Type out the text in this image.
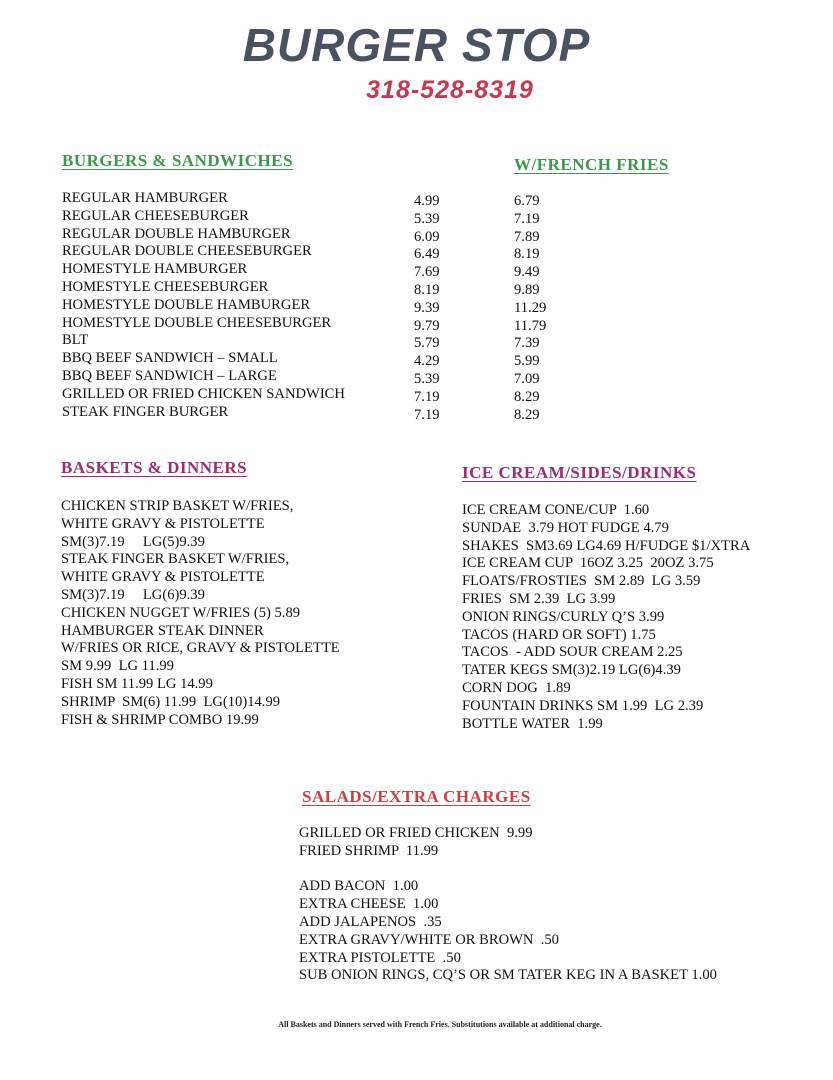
BURGER STOP
318-528-8319
BURGERS & SANDWICHES	W/FRENCH FRIES
REGULAR HAMBURGER
REGULAR CHEESEBURGER
REGULAR DOUBLE HAMBURGER
REGULAR DOUBLE CHEESEBURGER
HOMESTYLE HAMBURGER
HOMESTYLE CHEESEBURGER
HOMESTYLE DOUBLE HAMBURGER
HOMESTYLE DOUBLE CHEESEBURGER
BLT
BBQ BEEF SANDWICH – SMALL
BBQ BEEF SANDWICH – LARGE
GRILLED OR FRIED CHICKEN SANDWICH
STEAK FINGER BURGER
4.99
5.39
6.09
6.49
7.69
8.19
9.39
9.79
5.79
4.29
5.39
7.19
7.19
6.79
7.19
7.89
8.19
9.49
9.89
11.29
11.79
7.39
5.99
7.09
8.29
8.29
BASKETS & DINNERS
CHICKEN STRIP BASKET W/FRIES,
WHITE GRAVY & PISTOLETTE
SM(3)7.19     LG(5)9.39
STEAK FINGER BASKET W/FRIES,
WHITE GRAVY & PISTOLETTE
SM(3)7.19     LG(6)9.39
CHICKEN NUGGET W/FRIES (5) 5.89
HAMBURGER STEAK DINNER
W/FRIES OR RICE, GRAVY & PISTOLETTE
SM 9.99  LG 11.99
FISH SM 11.99 LG 14.99
SHRIMP  SM(6) 11.99  LG(10)14.99
FISH & SHRIMP COMBO 19.99
ICE CREAM/SIDES/DRINKS
ICE CREAM CONE/CUP  1.60
SUNDAE  3.79 HOT FUDGE 4.79
SHAKES  SM3.69 LG4.69 H/FUDGE $1/XTRA
ICE CREAM CUP  16OZ 3.25  20OZ 3.75
FLOATS/FROSTIES  SM 2.89  LG 3.59
FRIES  SM 2.39  LG 3.99
ONION RINGS/CURLY Q’S 3.99
TACOS (HARD OR SOFT) 1.75
TACOS  - ADD SOUR CREAM 2.25
TATER KEGS SM(3)2.19 LG(6)4.39
CORN DOG  1.89
FOUNTAIN DRINKS SM 1.99  LG 2.39
BOTTLE WATER  1.99
SALADS/EXTRA CHARGES
GRILLED OR FRIED CHICKEN  9.99
FRIED SHRIMP  11.99
ADD BACON  1.00
EXTRA CHEESE  1.00
ADD JALAPENOS  .35
EXTRA GRAVY/WHITE OR BROWN  .50
EXTRA PISTOLETTE  .50
SUB ONION RINGS, CQ’S OR SM TATER KEG IN A BASKET 1.00
All Baskets and Dinners served with French Fries. Substitutions available at additional charge.
